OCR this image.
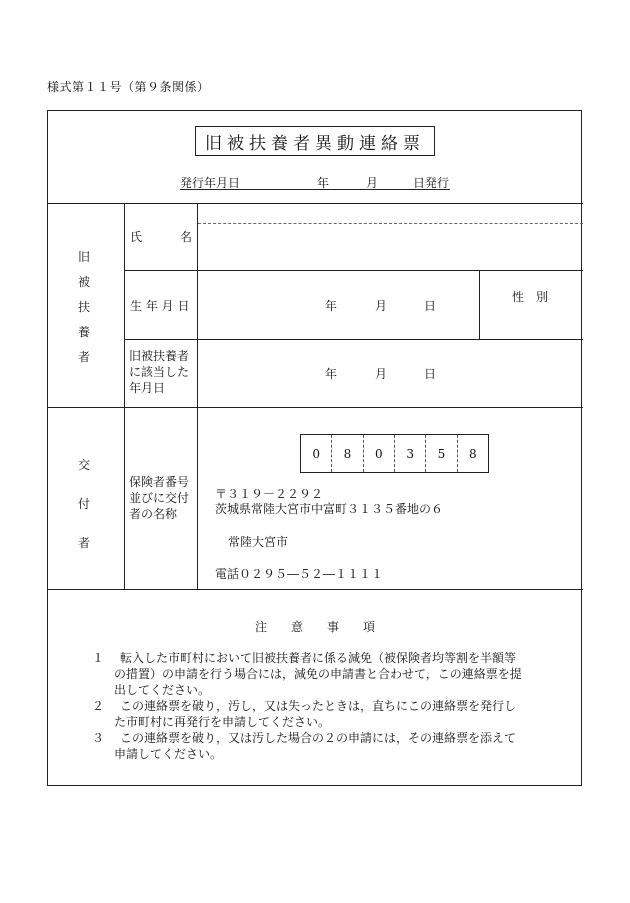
様式第１１号（第９条関係）
旧被扶養者異動連絡票
発行年月日	年	月	日発行
旧
被
扶
養
者
氏	名
生 年 月 日	年	月	日
性　別
旧被扶養者
に該当した
年月日
年	月	日
交
付
者
保険者番号
並びに交付
者の名称
0	8	0	3	5	8
〒３１９－２２９２
茨城県常陸大宮市中富町３１３５番地の６
常陸大宮市
電話０２９５―５２―１１１１
注　　意　　事　　項
１	転入した市町村において旧被扶養者に係る減免（被保険者均等割を半額等の措置）の申請を行う場合には，減免の申請書と合わせて，この連絡票を提出してください。
２	この連絡票を破り，汚し，又は失ったときは，直ちにこの連絡票を発行した市町村に再発行を申請してください。
３	この連絡票を破り，又は汚した場合の２の申請には，その連絡票を添えて申請してください。
